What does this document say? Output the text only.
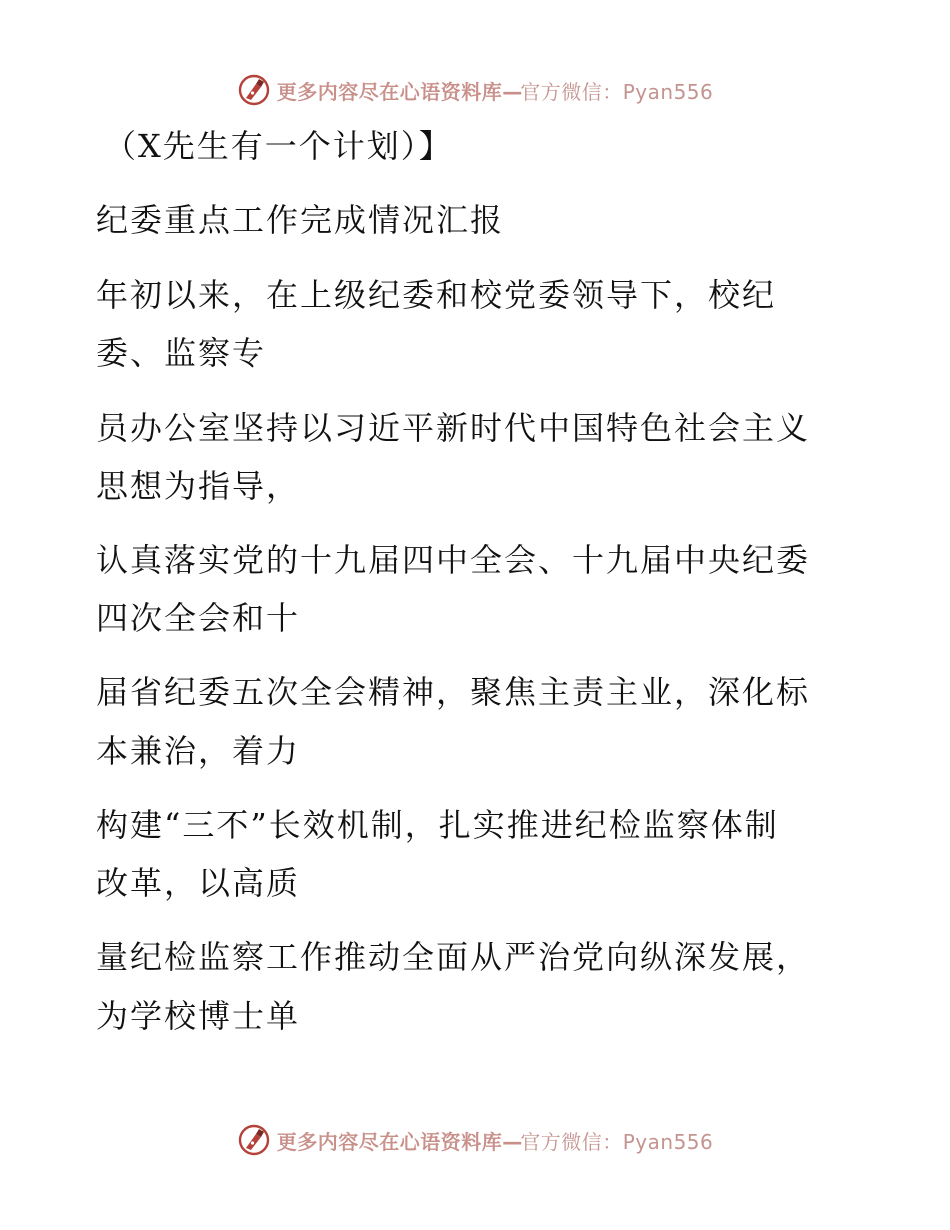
更多内容尽在心语资料库—官方微信：Pyan556
（X先生有一个计划）】
纪委重点工作完成情况汇报
年初以来，在上级纪委和校党委领导下，校纪
委、监察专
员办公室坚持以习近平新时代中国特色社会主义
思想为指导，
认真落实党的十九届四中全会、十九届中央纪委
四次全会和十
届省纪委五次全会精神，聚焦主责主业，深化标
本兼治，着力
构建“三不”长效机制，扎实推进纪检监察体制
改革，以高质
量纪检监察工作推动全面从严治党向纵深发展，
为学校博士单
更多内容尽在心语资料库—官方微信：Pyan556
